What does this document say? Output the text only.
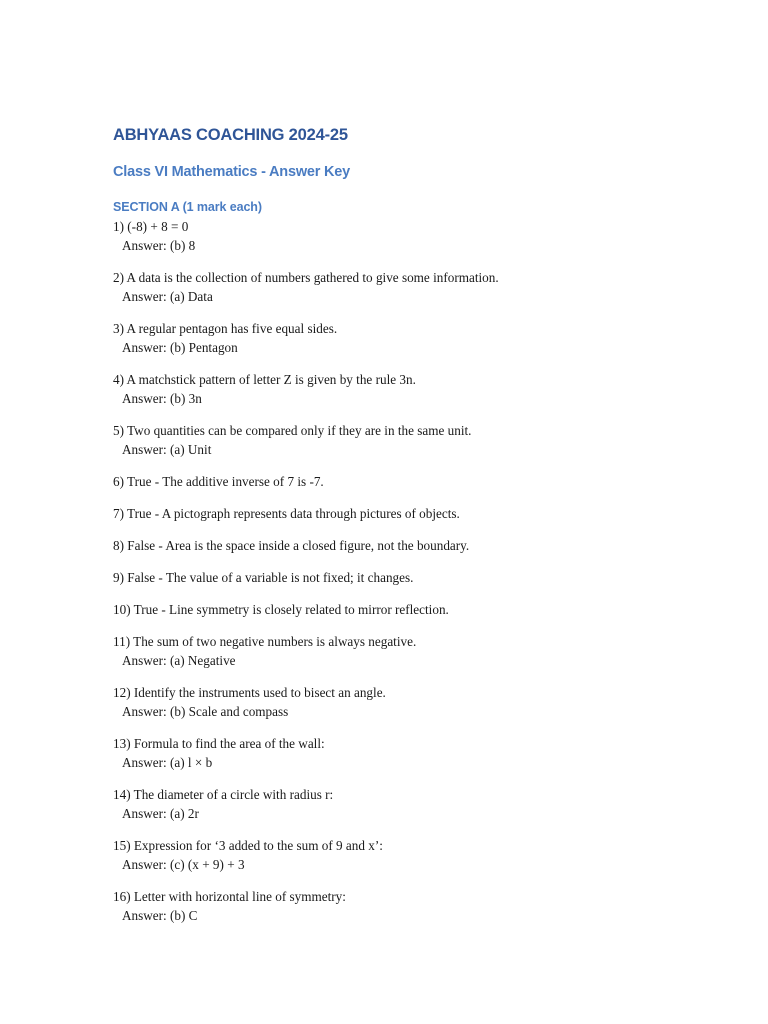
ABHYAAS COACHING 2024-25
Class VI Mathematics - Answer Key
SECTION A (1 mark each)
1) (-8) + 8 = 0
Answer: (b) 8
2) A data is the collection of numbers gathered to give some information.
Answer: (a) Data
3) A regular pentagon has five equal sides.
Answer: (b) Pentagon
4) A matchstick pattern of letter Z is given by the rule 3n.
Answer: (b) 3n
5) Two quantities can be compared only if they are in the same unit.
Answer: (a) Unit
6) True - The additive inverse of 7 is -7.
7) True - A pictograph represents data through pictures of objects.
8) False - Area is the space inside a closed figure, not the boundary.
9) False - The value of a variable is not fixed; it changes.
10) True - Line symmetry is closely related to mirror reflection.
11) The sum of two negative numbers is always negative.
Answer: (a) Negative
12) Identify the instruments used to bisect an angle.
Answer: (b) Scale and compass
13) Formula to find the area of the wall:
Answer: (a) l × b
14) The diameter of a circle with radius r:
Answer: (a) 2r
15) Expression for ‘3 added to the sum of 9 and x’:
Answer: (c) (x + 9) + 3
16) Letter with horizontal line of symmetry:
Answer: (b) C
